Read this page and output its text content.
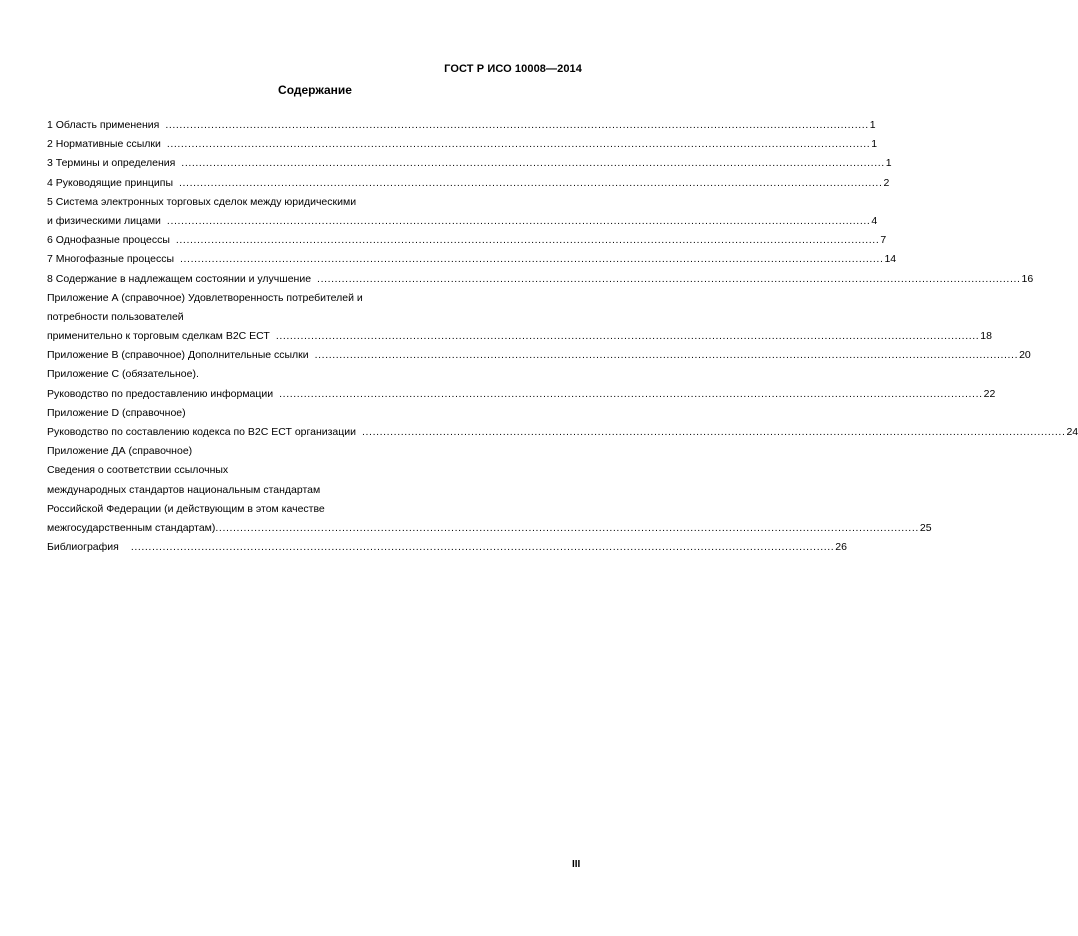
ГОСТ Р ИСО 10008—2014
Содержание
1 Область применения ........................................................................................................................................................................................................ 1
2 Нормативные ссылки ........................................................................................................................................................................................................ 1
3 Термины и определения ........................................................................................................................................................................................................ 1
4 Руководящие принципы ........................................................................................................................................................................................................ 2
5 Система электронных торговых сделок между юридическими
и физическими лицами ........................................................................................................................................................................................................ 4
6 Однофазные процессы ........................................................................................................................................................................................................ 7
7 Многофазные процессы ........................................................................................................................................................................................................ 14
8 Содержание в надлежащем состоянии и улучшение ........................................................................................................................................................................................................ 16
Приложение А (справочное) Удовлетворенность потребителей и
потребности пользователей
применительно к торговым сделкам B2C ЕСТ ........................................................................................................................................................................................................ 18
Приложение В (справочное) Дополнительные ссылки ........................................................................................................................................................................................................ 20
Приложение С (обязательное).
Руководство по предоставлению информации ........................................................................................................................................................................................................ 22
Приложение D (справочное)
Руководство по составлению кодекса по B2C ЕСТ организации ........................................................................................................................................................................................................ 24
Приложение ДА (справочное)
Сведения о соответствии ссылочных
международных стандартов национальным стандартам
Российской Федерации (и действующим в этом качестве
межгосударственным стандартам) ........................................................................................................................................................................................................ 25
Библиография	........................................................................................................................................................................................................ 26
III
